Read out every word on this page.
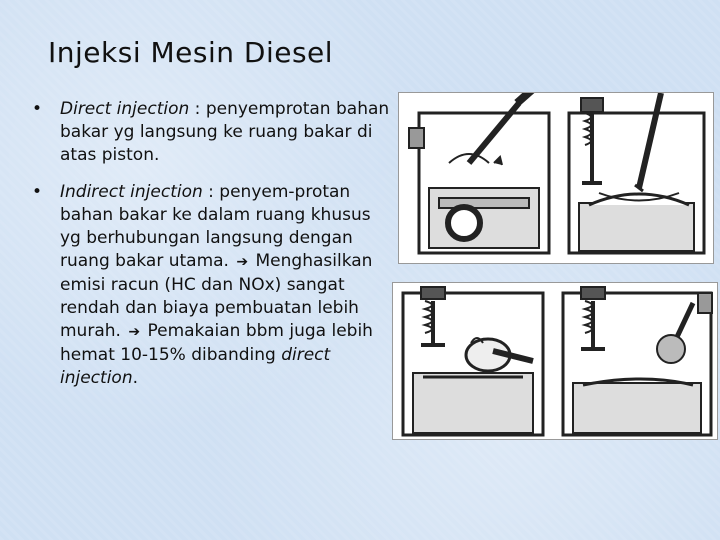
Injeksi Mesin Diesel
• Direct injection : penyemprotan bahan bakar yg langsung ke ruang bakar di atas piston.
• Indirect injection : penyem-protan bahan bakar ke dalam ruang khusus yg berhubungan langsung dengan ruang bakar utama. ➔ Menghasilkan emisi racun (HC dan NOx) sangat rendah dan biaya pembuatan lebih murah. ➔ Pemakaian bbm juga lebih hemat 10-15% dibanding direct injection.
